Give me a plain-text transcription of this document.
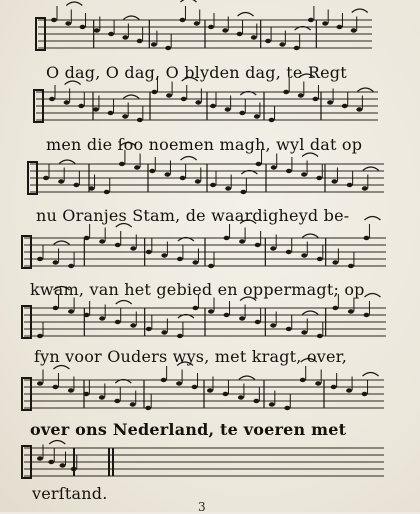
O dag, O dag, O blyden dag, te Regt
men die ſoo noemen magh, wyl dat op
nu Oranjes Stam, de waardigheyd be-
kwam, van het gebied en oppermagt; op
fyn voor Ouders wys, met kragt, over,
over ons Nederland, te voeren met
verſtand.
3
